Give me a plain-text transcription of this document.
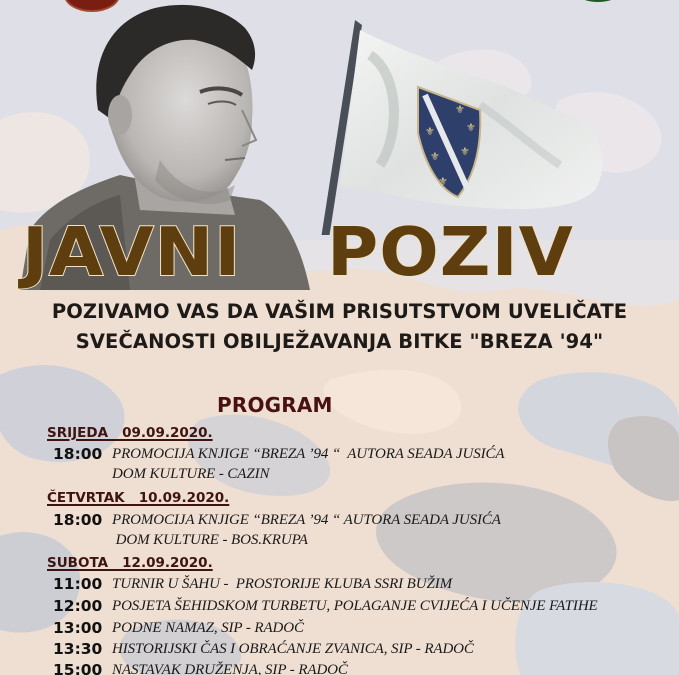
⚜
⚜
⚜
⚜
⚜
⚜
JAVNI POZIV
POZIVAMO VAS DA VAŠIM PRISUTSTVOM UVELIČATE
SVEČANOSTI OBILJEŽAVANJA BITKE "BREZA '94"
PROGRAM
SRIJEDA   09.09.2020.
18:00 PROMOCIJA KNJIGE “BREZA ’94 “  AUTORA SEADA JUSIĆA
DOM KULTURE - CAZIN
ČETVRTAK   10.09.2020.
18:00 PROMOCIJA KNJIGE “BREZA ’94 “ AUTORA SEADA JUSIĆA
DOM KULTURE - BOS.KRUPA
SUBOTA   12.09.2020.
11:00 TURNIR U ŠAHU -  PROSTORIJE KLUBA SSRI BUŽIM
12:00 POSJETA ŠEHIDSKOM TURBETU, POLAGANJE CVIJEĆA I UČENJE FATIHE
13:00 PODNE NAMAZ, SIP - RADOČ
13:30 HISTORIJSKI ČAS I OBRAĆANJE ZVANICA, SIP - RADOČ
15:00 NASTAVAK DRUŽENJA, SIP - RADOČ
